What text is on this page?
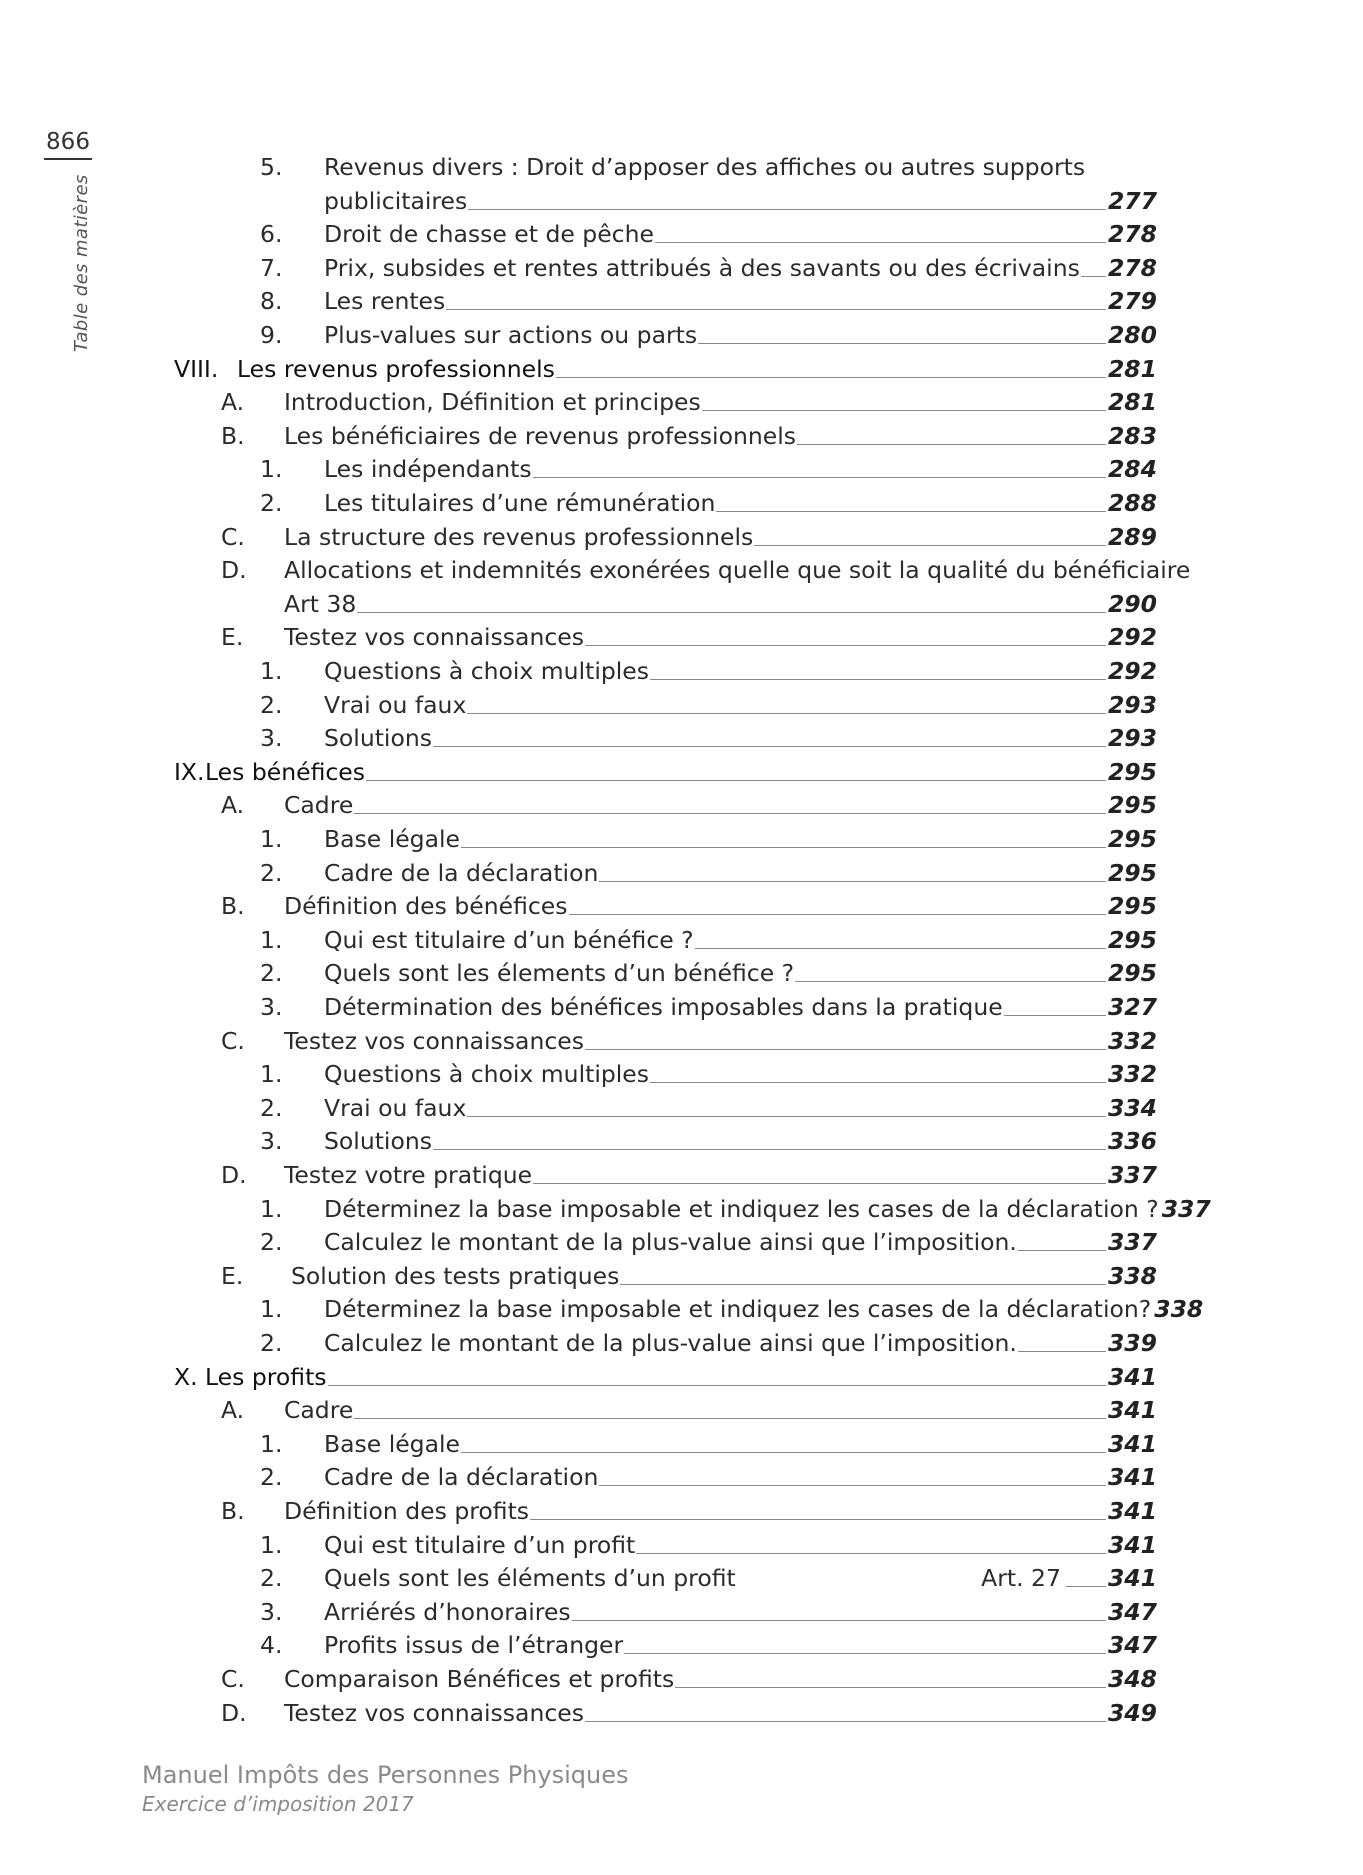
866
Table des matières
5. Revenus divers : Droit d’apposer des affiches ou autres supports
publicitaires	277
6. Droit de chasse et de pêche	278
7. Prix, subsides et rentes attribués à des savants ou des écrivains 278
8. Les rentes	279
9. Plus-values sur actions ou parts	280
VIII. Les revenus professionnels	281
A. Introduction, Définition et principes	281
B. Les bénéficiaires de revenus professionnels	283
1. Les indépendants	284
2. Les titulaires d’une rémunération	288
C. La structure des revenus professionnels	289
D. Allocations et indemnités exonérées quelle que soit la qualité du bénéficiaire
Art 38	290
E. Testez vos connaissances	292
1. Questions à choix multiples	292
2. Vrai ou faux	293
3. Solutions	293
IX. Les bénéfices	295
A. Cadre	295
1. Base légale	295
2. Cadre de la déclaration	295
B. Définition des bénéfices	295
1. Qui est titulaire d’un bénéfice ?	295
2. Quels sont les élements d’un bénéfice ?	295
3. Détermination des bénéfices imposables dans la pratique	327
C. Testez vos connaissances	332
1. Questions à choix multiples	332
2. Vrai ou faux	334
3. Solutions	336
D. Testez votre pratique	337
1. Déterminez la base imposable et indiquez les cases de la déclaration ? 337
2. Calculez le montant de la plus-value ainsi que l’imposition.	337
E. Solution des tests pratiques	338
1. Déterminez la base imposable et indiquez les cases de la déclaration? 338
2. Calculez le montant de la plus-value ainsi que l’imposition.	339
X. Les profits	341
A. Cadre	341
1. Base légale	341
2. Cadre de la déclaration	341
B. Définition des profits	341
1. Qui est titulaire d’un profit	341
2. Quels sont les éléments d’un profit	Art. 27 341
3. Arriérés d’honoraires	347
4. Profits issus de l’étranger	347
C. Comparaison Bénéfices et profits	348
D. Testez vos connaissances	349
Manuel Impôts des Personnes Physiques
Exercice d’imposition 2017
